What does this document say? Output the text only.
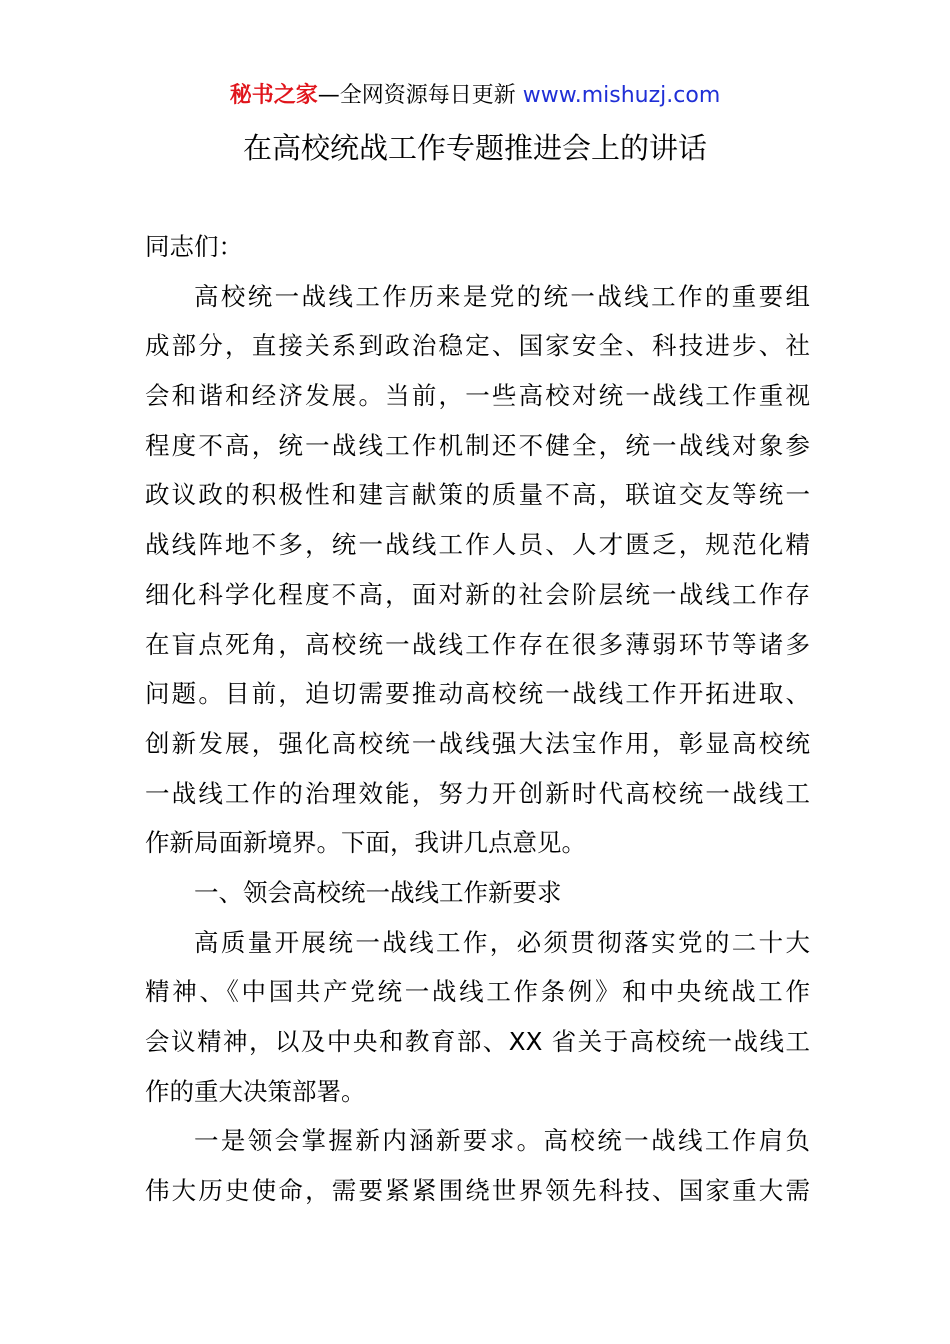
秘书之家—全网资源每日更新 www.mishuzj.com
在高校统战工作专题推进会上的讲话
同志们：
高校统一战线工作历来是党的统一战线工作的重要组
成部分，直接关系到政治稳定、国家安全、科技进步、社
会和谐和经济发展。当前，一些高校对统一战线工作重视
程度不高，统一战线工作机制还不健全，统一战线对象参
政议政的积极性和建言献策的质量不高，联谊交友等统一
战线阵地不多，统一战线工作人员、人才匮乏，规范化精
细化科学化程度不高，面对新的社会阶层统一战线工作存
在盲点死角，高校统一战线工作存在很多薄弱环节等诸多
问题。目前，迫切需要推动高校统一战线工作开拓进取、
创新发展，强化高校统一战线强大法宝作用，彰显高校统
一战线工作的治理效能，努力开创新时代高校统一战线工
作新局面新境界。下面，我讲几点意见。
一、领会高校统一战线工作新要求
高质量开展统一战线工作，必须贯彻落实党的二十大
精神、《中国共产党统一战线工作条例》和中央统战工作
会议精神，以及中央和教育部、XX 省关于高校统一战线工
作的重大决策部署。
一是领会掌握新内涵新要求。高校统一战线工作肩负
伟大历史使命，需要紧紧围绕世界领先科技、国家重大需
